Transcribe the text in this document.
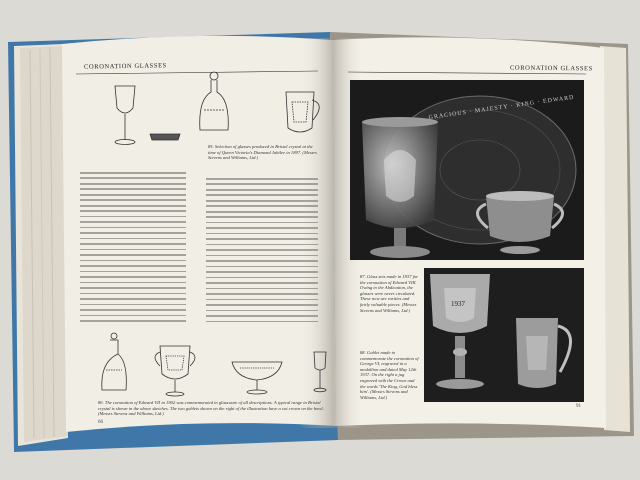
CORONATION GLASSES	CORONATION GLASSES
GRACIOUS · MAJESTY · KING · EDWARD
1937
85. Selection of glasses produced in Bristol crystal at the time of Queen Victoria's Diamond Jubilee in 1897. (Messrs Stevens and Williams, Ltd.)
86. The coronation of Edward VII in 1902 was commemorated in glassware of all descriptions. A typical range in Bristol crystal is shown in the above sketches. The two goblets shown on the right of the illustration have a cut crown on the bowl. (Messrs Stevens and Williams, Ltd.)
87. Glass sets made in 1937 for the coronation of Edward VIII. Owing to the Abdication, the glasses were never circulated. These now are rarities and fairly valuable pieces. (Messrs Stevens and Williams, Ltd.)
88. Goblet made to commemorate the coronation of George VI, engraved in a medallion and dated May 12th 1937. On the right a jug engraved with the Crown and the words 'The King, God bless him'. (Messrs Stevens and Williams, Ltd.)
66
91
